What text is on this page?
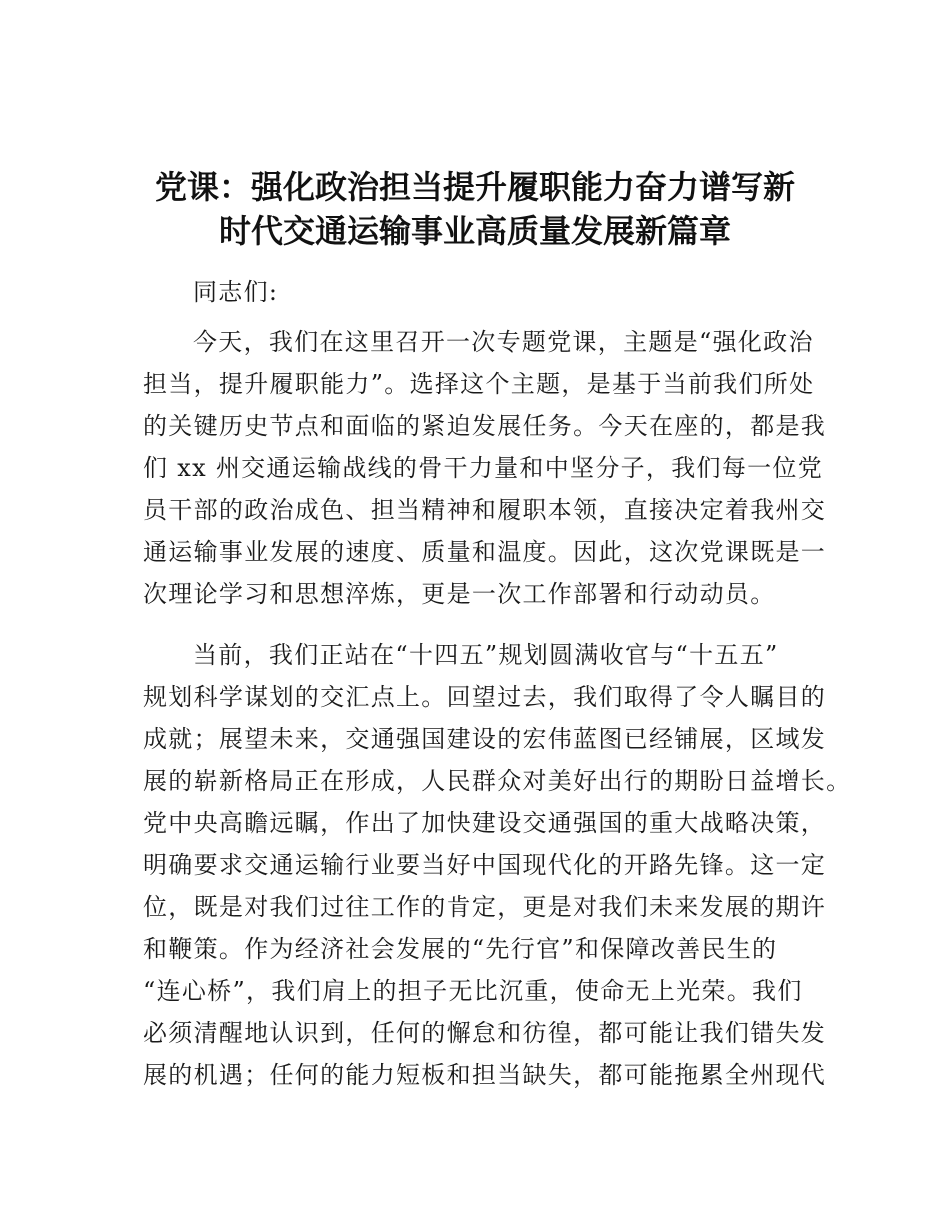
党课：强化政治担当提升履职能力奋力谱写新
时代交通运输事业高质量发展新篇章
同志们:
今天，我们在这里召开一次专题党课，主题是“强化政治
担当，提升履职能力”。选择这个主题，是基于当前我们所处
的关键历史节点和面临的紧迫发展任务。今天在座的，都是我
们 xx 州交通运输战线的骨干力量和中坚分子，我们每一位党
员干部的政治成色、担当精神和履职本领，直接决定着我州交
通运输事业发展的速度、质量和温度。因此，这次党课既是一
次理论学习和思想淬炼，更是一次工作部署和行动动员。
当前，我们正站在“十四五”规划圆满收官与“十五五”
规划科学谋划的交汇点上。回望过去，我们取得了令人瞩目的
成就；展望未来，交通强国建设的宏伟蓝图已经铺展，区域发
展的崭新格局正在形成，人民群众对美好出行的期盼日益增长。
党中央高瞻远瞩，作出了加快建设交通强国的重大战略决策，
明确要求交通运输行业要当好中国现代化的开路先锋。这一定
位，既是对我们过往工作的肯定，更是对我们未来发展的期许
和鞭策。作为经济社会发展的“先行官”和保障改善民生的
“连心桥”，我们肩上的担子无比沉重，使命无上光荣。我们
必须清醒地认识到，任何的懈怠和彷徨，都可能让我们错失发
展的机遇；任何的能力短板和担当缺失，都可能拖累全州现代
